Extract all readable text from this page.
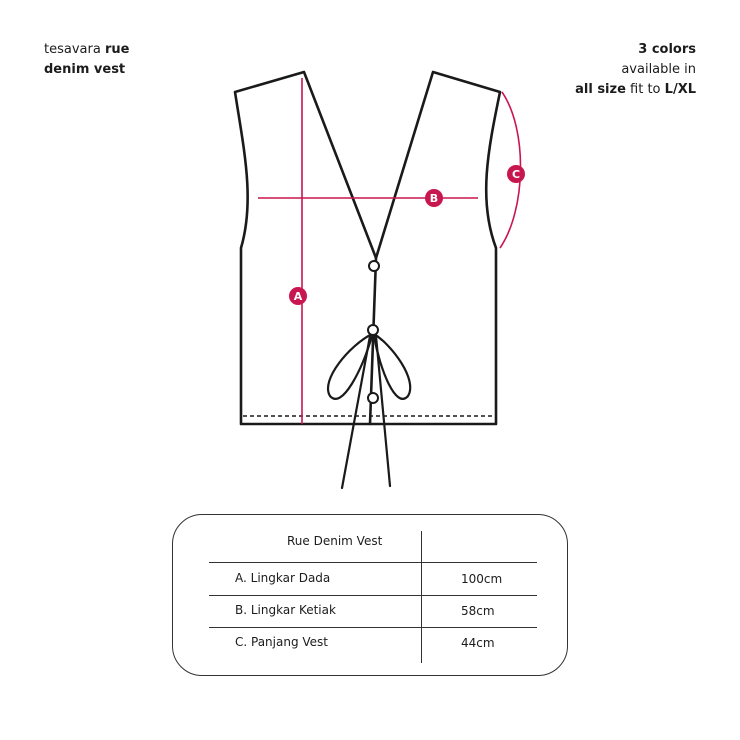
tesavara rue
denim vest
3 colors
available in
all size fit to L/XL
A
B
C
Rue Denim Vest
A. Lingkar Dada	100cm
B. Lingkar Ketiak	58cm
C. Panjang Vest	44cm
